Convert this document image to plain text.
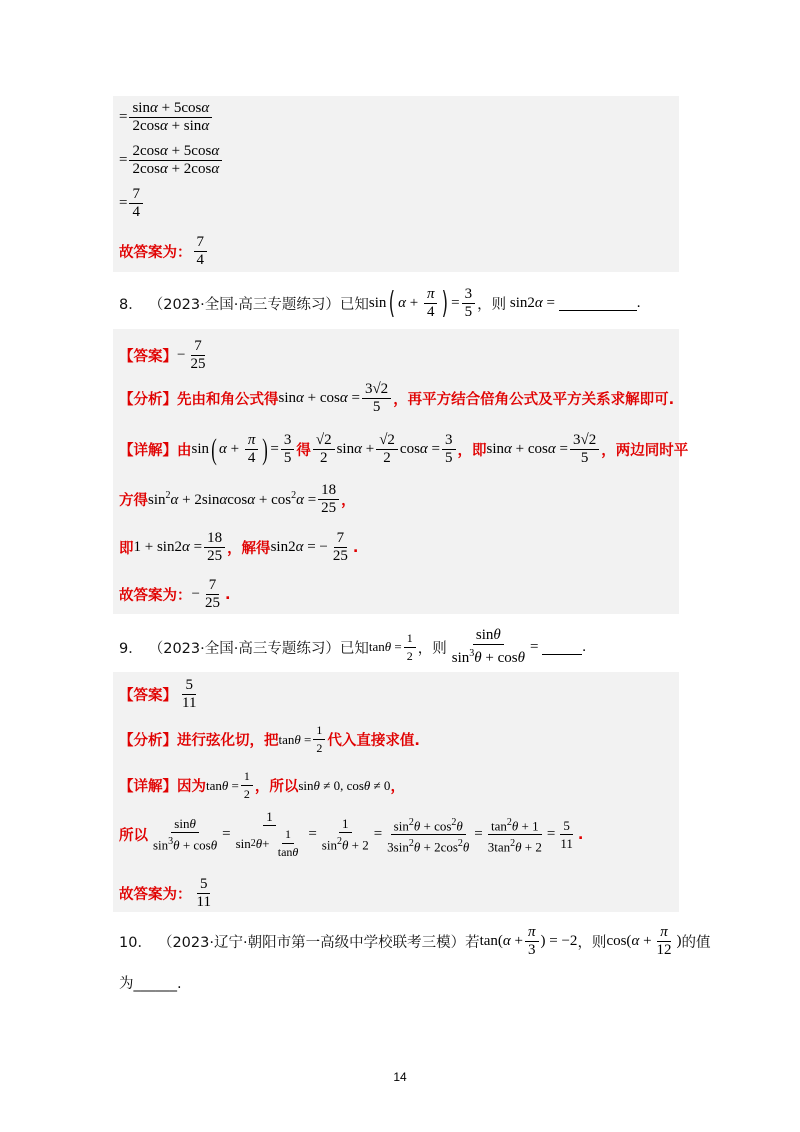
= $\frac{\sin\alpha + 5\cos\alpha}{2\cos\alpha + \sin\alpha}$
= $\frac{2\cos\alpha + 5\cos\alpha}{2\cos\alpha + 2\cos\alpha}$
= $\frac{7}{4}$
故答案为： $\frac{7}{4}$
8． （2023·全国·高三专题练习）已知 sin ( $\alpha + \frac{\pi}{4}$ ) = $\frac{3}{5}$ ，则 sin2α =	.
【答案】 − $\frac{7}{25}$
【分析】 先由和角公式得 $\sin\alpha + \cos\alpha = \frac{3√2}{5}$ ，再平方结合倍角公式及平方关系求解即可.
【详解】 由 sin ( $\alpha + \frac{\pi}{4}$ ) = $\frac{3}{5}$ 得 $\frac{√2}{2}$ $\sin\alpha + \frac{√2}{2}$ $\cos\alpha = \frac{3}{5}$ ，即 $\sin\alpha + \cos\alpha = \frac{3√2}{5}$ ，两边同时平
方得 $\sin^2\alpha + 2\sin\alpha\cos\alpha + \cos^2\alpha = \frac{18}{25}$ ，
即 $1 + \sin 2\alpha = \frac{18}{25}$ ，解得 sin2α = − $\frac{7}{25}$ .
故答案为： − $\frac{7}{25}$ .
9． （2023·全国·高三专题练习）已知 $\tan\theta = \frac{1}{2}$ ，则 $\frac{\sin\theta}{\sin^3\theta + \cos\theta}$ =	.
【答案】 $\frac{5}{11}$
【分析】 进行弦化切，把 $\tan\theta = \frac{1}{2}$ 代入直接求值.
【详解】 因为 $\tan\theta = \frac{1}{2}$ ，所以 sinθ ≠ 0, cosθ ≠ 0 ，
所以 $\frac{\sin\theta}{\sin^3\theta + \cos\theta} = \frac{1}{\sin 2 \theta + \frac{1}{\tan\theta}} = \frac{1}{\sin^2\theta + 2} = \frac{\sin^2\theta + \cos^2\theta}{3\sin^2\theta + 2\cos^2\theta} = \frac{\tan^2\theta + 1}{3\tan^2\theta + 2} = \frac{5}{11}$ .
故答案为： $\frac{5}{11}$
10． （2023·辽宁·朝阳市第一高级中学校联考三模）若 $\tan(\alpha + \frac{\pi}{3}$ ) = −2 ，则 $\cos(\alpha + \frac{\pi}{12}$ ) 的值
为______.
14
